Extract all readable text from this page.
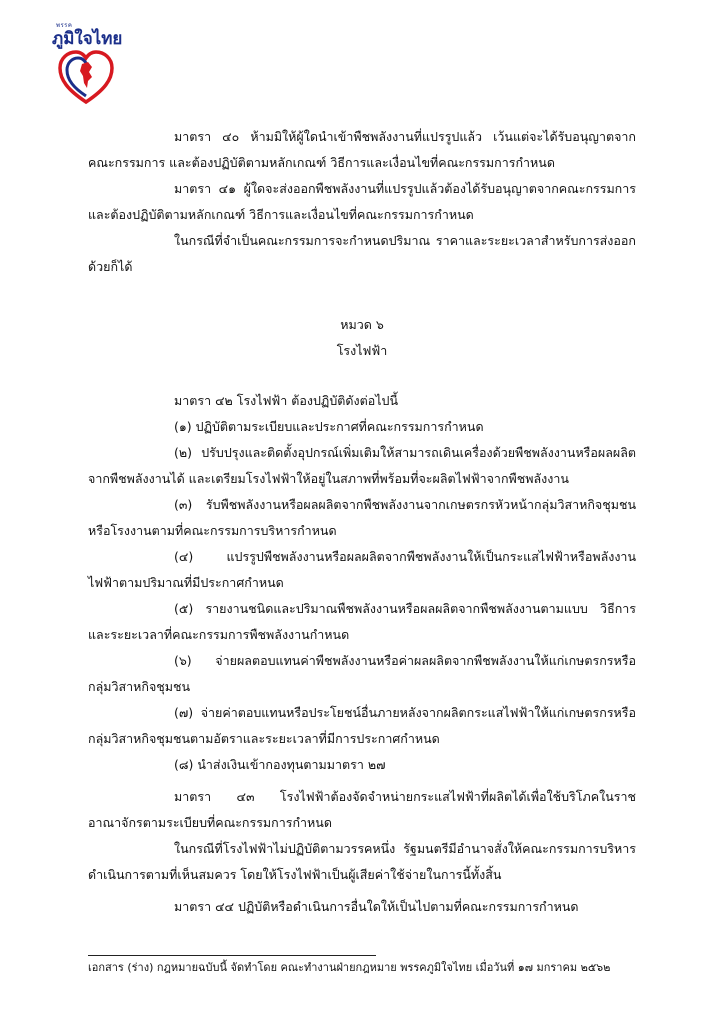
พรรค
ภูมิใจไทย

มาตรา ๔๐ ห้ามมิให้ผู้ใดนำเข้าพืชพลังงานที่แปรรูปแล้ว เว้นแต่จะได้รับอนุญาตจากคณะกรรมการ และต้องปฏิบัติตามหลักเกณฑ์ วิธีการและเงื่อนไขที่คณะกรรมการกำหนด

มาตรา ๔๑ ผู้ใดจะส่งออกพืชพลังงานที่แปรรูปแล้วต้องได้รับอนุญาตจากคณะกรรมการและต้องปฏิบัติตามหลักเกณฑ์ วิธีการและเงื่อนไขที่คณะกรรมการกำหนด

ในกรณีที่จำเป็นคณะกรรมการจะกำหนดปริมาณ ราคาและระยะเวลาสำหรับการส่งออกด้วยก็ได้

หมวด ๖

โรงไฟฟ้า

มาตรา ๔๒ โรงไฟฟ้า ต้องปฏิบัติดังต่อไปนี้

(๑) ปฏิบัติตามระเบียบและประกาศที่คณะกรรมการกำหนด

(๒) ปรับปรุงและติดตั้งอุปกรณ์เพิ่มเติมให้สามารถเดินเครื่องด้วยพืชพลังงานหรือผลผลิตจากพืชพลังงานได้ และเตรียมโรงไฟฟ้าให้อยู่ในสภาพที่พร้อมที่จะผลิตไฟฟ้าจากพืชพลังงาน

(๓) รับพืชพลังงานหรือผลผลิตจากพืชพลังงานจากเกษตรกรหัวหน้ากลุ่มวิสาหกิจชุมชนหรือโรงงานตามที่คณะกรรมการบริหารกำหนด

(๔) แปรรูปพืชพลังงานหรือผลผลิตจากพืชพลังงานให้เป็นกระแสไฟฟ้าหรือพลังงานไฟฟ้าตามปริมาณที่มีประกาศกำหนด

(๕) รายงานชนิดและปริมาณพืชพลังงานหรือผลผลิตจากพืชพลังงานตามแบบ วิธีการและระยะเวลาที่คณะกรรมการพืชพลังงานกำหนด

(๖) จ่ายผลตอบแทนค่าพืชพลังงานหรือค่าผลผลิตจากพืชพลังงานให้แก่เกษตรกรหรือกลุ่มวิสาหกิจชุมชน

(๗) จ่ายค่าตอบแทนหรือประโยชน์อื่นภายหลังจากผลิตกระแสไฟฟ้าให้แก่เกษตรกรหรือกลุ่มวิสาหกิจชุมชนตามอัตราและระยะเวลาที่มีการประกาศกำหนด

(๘) นำส่งเงินเข้ากองทุนตามมาตรา ๒๗

มาตรา ๔๓ โรงไฟฟ้าต้องจัดจำหน่ายกระแสไฟฟ้าที่ผลิตได้เพื่อใช้บริโภคในราชอาณาจักรตามระเบียบที่คณะกรรมการกำหนด

ในกรณีที่โรงไฟฟ้าไม่ปฏิบัติตามวรรคหนึ่ง รัฐมนตรีมีอำนาจสั่งให้คณะกรรมการบริหารดำเนินการตามที่เห็นสมควร โดยให้โรงไฟฟ้าเป็นผู้เสียค่าใช้จ่ายในการนี้ทั้งสิ้น

มาตรา ๔๔ ปฏิบัติหรือดำเนินการอื่นใดให้เป็นไปตามที่คณะกรรมการกำหนด

เอกสาร (ร่าง) กฎหมายฉบับนี้ จัดทำโดย คณะทำงานฝ่ายกฎหมาย พรรคภูมิใจไทย เมื่อวันที่ ๑๗ มกราคม ๒๕๖๒
